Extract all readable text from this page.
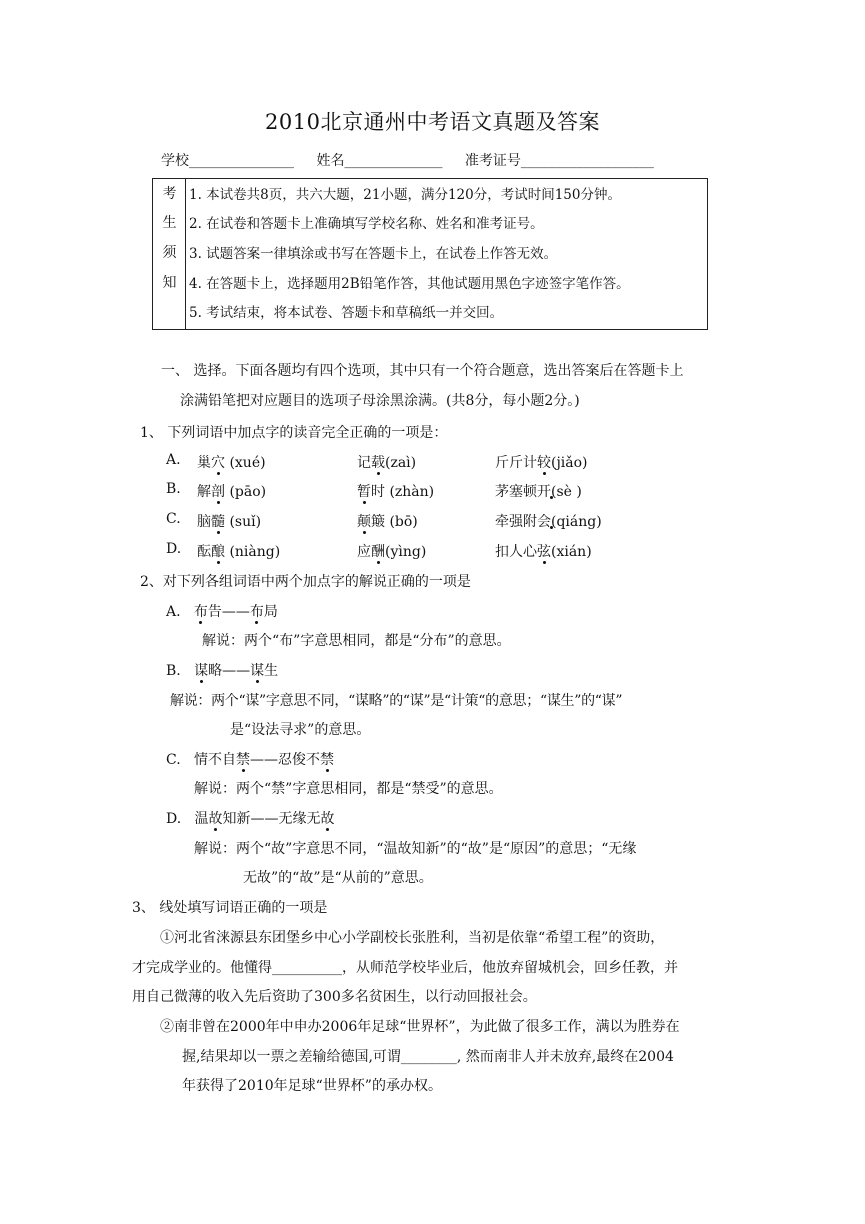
2010北京通州中考语文真题及答案
学校_______________ 姓名______________ 准考证号___________________
考
生
须
知
1. 本试卷共8页，共六大题，21小题，满分120分，考试时间150分钟。
2. 在试卷和答题卡上准确填写学校名称、姓名和准考证号。
3. 试题答案一律填涂或书写在答题卡上，在试卷上作答无效。
4. 在答题卡上，选择题用2B铅笔作答，其他试题用黑色字迹签字笔作答。
5. 考试结束，将本试卷、答题卡和草稿纸一并交回。
一、 选择。下面各题均有四个选项，其中只有一个符合题意，选出答案后在答题卡上
涂满铅笔把对应题目的选项子母涂黑涂满。(共8分，每小题2分。)
1、 下列词语中加点字的读音完全正确的一项是：
A. 巢穴 (xué)	记载(zaì)	斤斤计较(jiǎo)
B. 解剖 (pāo)	暂时 (zhàn)	茅塞顿开(sè )
C. 脑髓 (suǐ)	颠簸 (bō)	牵强附会(qiáng)
D. 酝酿 (niàng)	应酬(yìng)	扣人心弦(xián)
2、对下列各组词语中两个加点字的解说正确的一项是
A. 布告——布局
解说：两个“布”字意思相同，都是“分布”的意思。
B. 谋略——谋生
解说：两个“谋”字意思不同，“谋略”的“谋”是“计策“的意思；“谋生”的“谋”
是“设法寻求”的意思。
C. 情不自禁——忍俊不禁
解说：两个“禁”字意思相同，都是“禁受”的意思。
D. 温故知新——无缘无故
解说：两个“故”字意思不同，“温故知新”的“故”是“原因”的意思；“无缘
无故”的“故”是“从前的”意思。
3、 线处填写词语正确的一项是
①河北省涞源县东团堡乡中心小学副校长张胜利，当初是依靠“希望工程”的资助，
才完成学业的。他懂得__________，从师范学校毕业后，他放弃留城机会，回乡任教，并
用自己微薄的收入先后资助了300多名贫困生，以行动回报社会。
②南非曾在2000年中申办2006年足球“世界杯”，为此做了很多工作，满以为胜券在
握,结果却以一票之差输给德国,可谓________, 然而南非人并未放弃,最终在2004
年获得了2010年足球“世界杯”的承办权。
